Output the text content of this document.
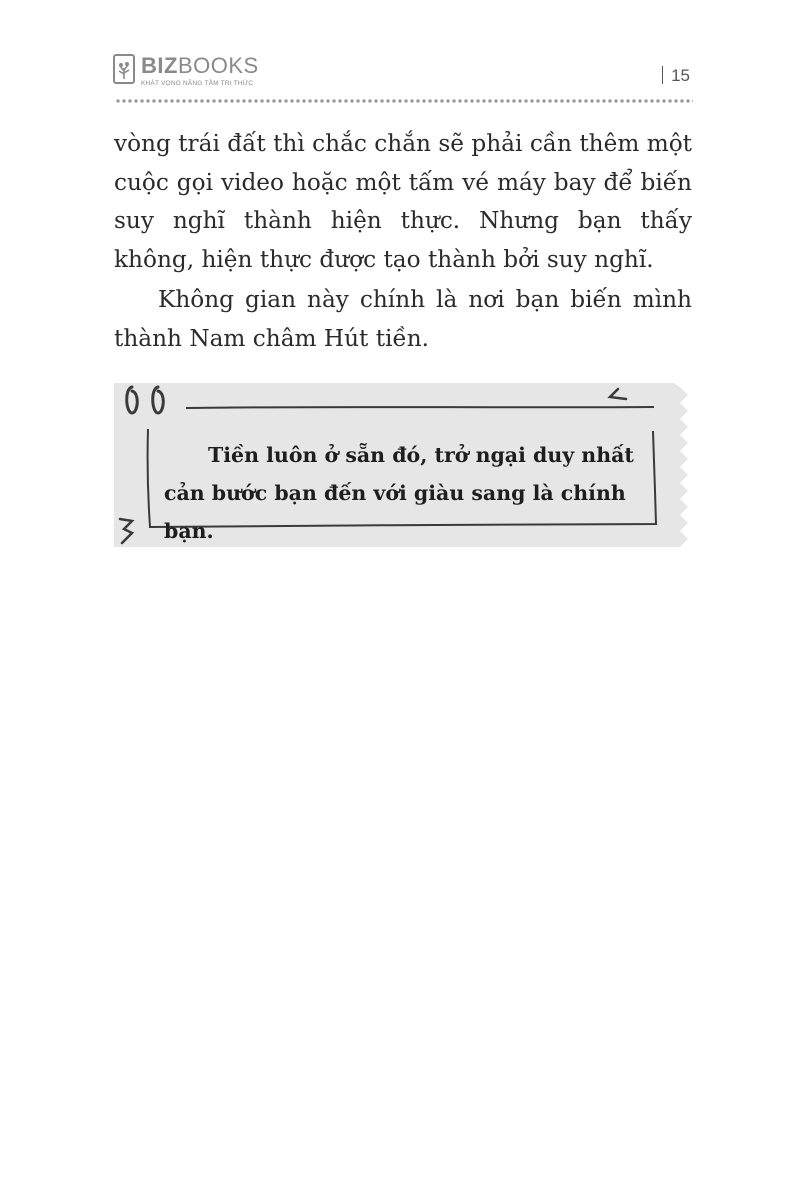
BIZBOOKS
KHÁT VỌNG NÂNG TẦM TRI THỨC	15
vòng trái đất thì chắc chắn sẽ phải cần thêm một cuộc gọi video hoặc một tấm vé máy bay để biến suy nghĩ thành hiện thực. Nhưng bạn thấy không, hiện thực được tạo thành bởi suy nghĩ.
Không gian này chính là nơi bạn biến mình thành Nam châm Hút tiền.
Tiền luôn ở sẵn đó, trở ngại duy nhất cản bước bạn đến với giàu sang là chính bạn.
